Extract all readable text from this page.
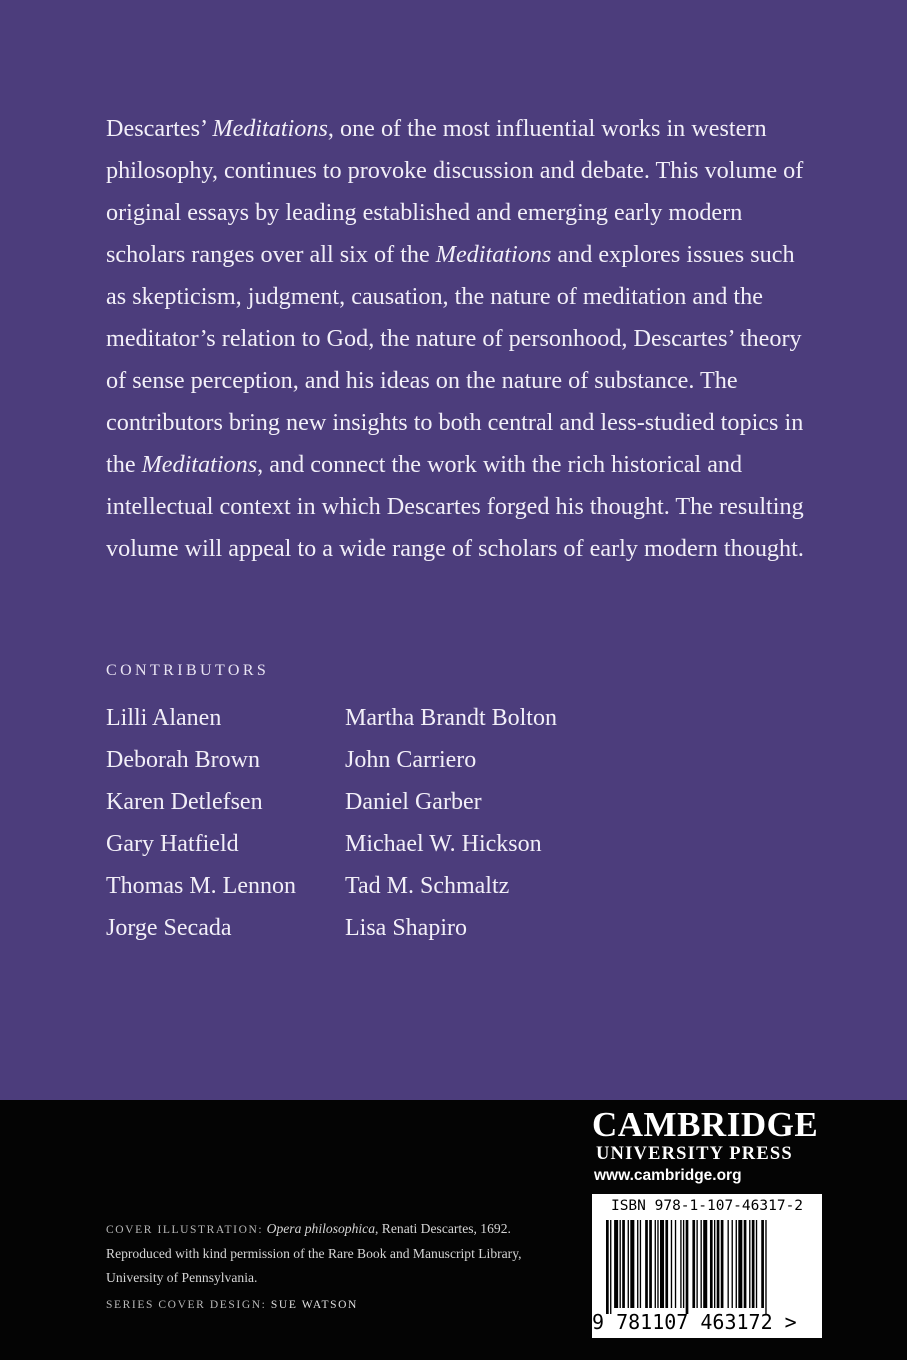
Descartes’ Meditations, one of the most influential works in western philosophy, continues to provoke discussion and debate. This volume of original essays by leading established and emerging early modern scholars ranges over all six of the Meditations and explores issues such as skepticism, judgment, causation, the nature of meditation and the meditator’s relation to God, the nature of personhood, Descartes’ theory of sense perception, and his ideas on the nature of substance. The contributors bring new insights to both central and less-studied topics in the Meditations, and connect the work with the rich historical and intellectual context in which Descartes forged his thought. The resulting volume will appeal to a wide range of scholars of early modern thought.

CONTRIBUTORS

Lilli Alanen
Deborah Brown
Karen Detlefsen
Gary Hatfield
Thomas M. Lennon
Jorge Secada
Martha Brandt Bolton
John Carriero
Daniel Garber
Michael W. Hickson
Tad M. Schmaltz
Lisa Shapiro
CAMBRIDGE
UNIVERSITY PRESS
www.cambridge.org
ISBN 978-1-107-46317-2
9 781107 463172 >

COVER ILLUSTRATION: Opera philosophica, Renati Descartes, 1692. Reproduced with kind permission of the Rare Book and Manuscript Library, University of Pennsylvania.

SERIES COVER DESIGN: SUE WATSON
